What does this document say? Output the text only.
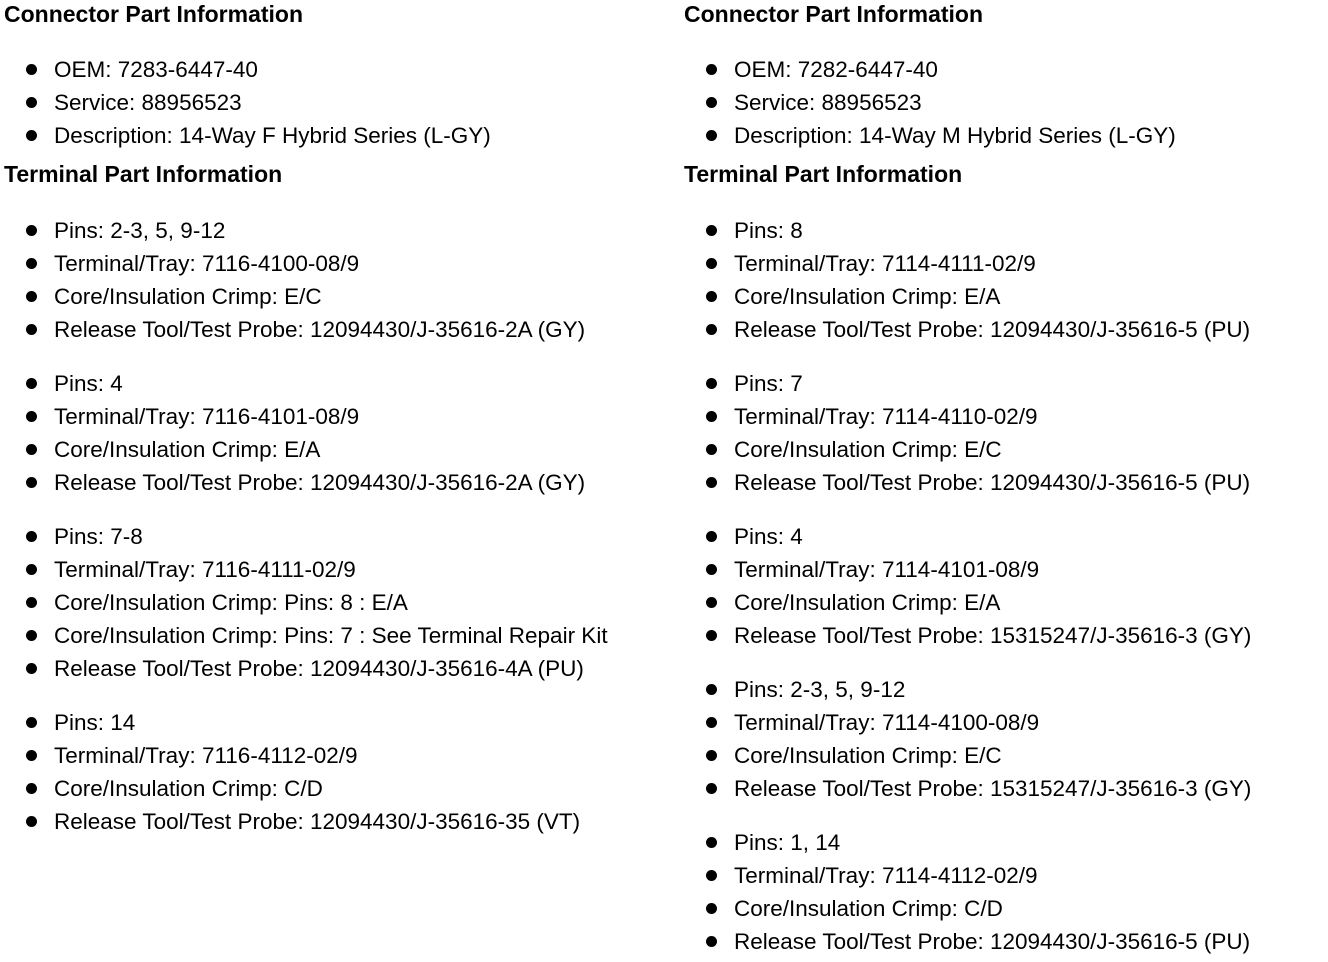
Connector Part Information
OEM: 7283-6447-40
Service: 88956523
Description: 14-Way F Hybrid Series (L-GY)
Terminal Part Information
Pins: 2-3, 5, 9-12
Terminal/Tray: 7116-4100-08/9
Core/Insulation Crimp: E/C
Release Tool/Test Probe: 12094430/J-35616-2A (GY)
Pins: 4
Terminal/Tray: 7116-4101-08/9
Core/Insulation Crimp: E/A
Release Tool/Test Probe: 12094430/J-35616-2A (GY)
Pins: 7-8
Terminal/Tray: 7116-4111-02/9
Core/Insulation Crimp: Pins: 8 : E/A
Core/Insulation Crimp: Pins: 7 : See Terminal Repair Kit
Release Tool/Test Probe: 12094430/J-35616-4A (PU)
Pins: 14
Terminal/Tray: 7116-4112-02/9
Core/Insulation Crimp: C/D
Release Tool/Test Probe: 12094430/J-35616-35 (VT)
Connector Part Information
OEM: 7282-6447-40
Service: 88956523
Description: 14-Way M Hybrid Series (L-GY)
Terminal Part Information
Pins: 8
Terminal/Tray: 7114-4111-02/9
Core/Insulation Crimp: E/A
Release Tool/Test Probe: 12094430/J-35616-5 (PU)
Pins: 7
Terminal/Tray: 7114-4110-02/9
Core/Insulation Crimp: E/C
Release Tool/Test Probe: 12094430/J-35616-5 (PU)
Pins: 4
Terminal/Tray: 7114-4101-08/9
Core/Insulation Crimp: E/A
Release Tool/Test Probe: 15315247/J-35616-3 (GY)
Pins: 2-3, 5, 9-12
Terminal/Tray: 7114-4100-08/9
Core/Insulation Crimp: E/C
Release Tool/Test Probe: 15315247/J-35616-3 (GY)
Pins: 1, 14
Terminal/Tray: 7114-4112-02/9
Core/Insulation Crimp: C/D
Release Tool/Test Probe: 12094430/J-35616-5 (PU)
